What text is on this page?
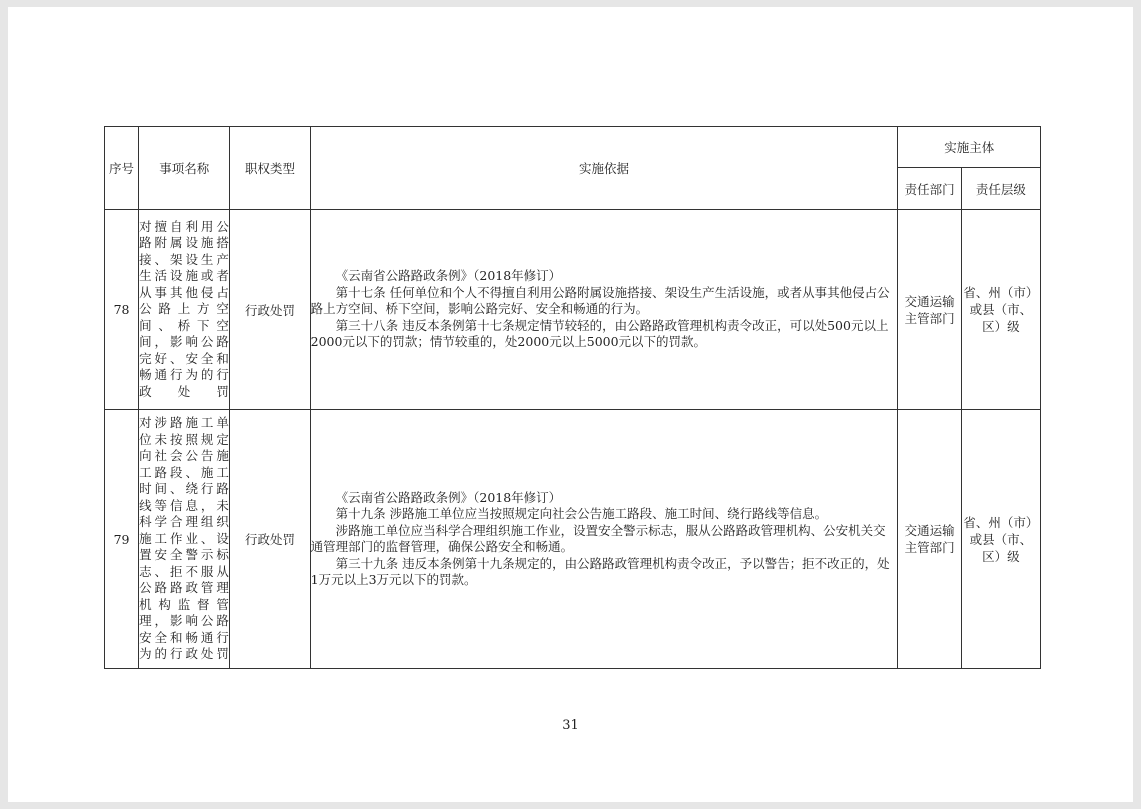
序号	事项名称	职权类型	实施依据	实施主体	
				责任部门	责任层级
78	对擅自利用公路附属设施搭接、架设生产生活设施或者从事其他侵占公路上方空间、桥下空间，影响公路完好、安全和畅通行为的行政处罚	行政处罚	《云南省公路路政条例》（2018年修订）

第十七条 任何单位和个人不得擅自利用公路附属设施搭接、架设生产生活设施，或者从事其他侵占公路上方空间、桥下空间，影响公路完好、安全和畅通的行为。

第三十八条 违反本条例第十七条规定情节较轻的，由公路路政管理机构责令改正，可以处500元以上2000元以下的罚款；情节较重的，处2000元以上5000元以下的罚款。	交通运输主管部门	省、州（市）或县（市、区）级
79	对涉路施工单位未按照规定向社会公告施工路段、施工时间、绕行路线等信息，未科学合理组织施工作业、设置安全警示标志、拒不服从公路路政管理机构监督管理，影响公路安全和畅通行为的行政处罚	行政处罚	《云南省公路路政条例》（2018年修订）

第十九条 涉路施工单位应当按照规定向社会公告施工路段、施工时间、绕行路线等信息。

涉路施工单位应当科学合理组织施工作业，设置安全警示标志，服从公路路政管理机构、公安机关交通管理部门的监督管理，确保公路安全和畅通。

第三十九条 违反本条例第十九条规定的，由公路路政管理机构责令改正，予以警告；拒不改正的，处1万元以上3万元以下的罚款。	交通运输主管部门	省、州（市）或县（市、区）级
31
